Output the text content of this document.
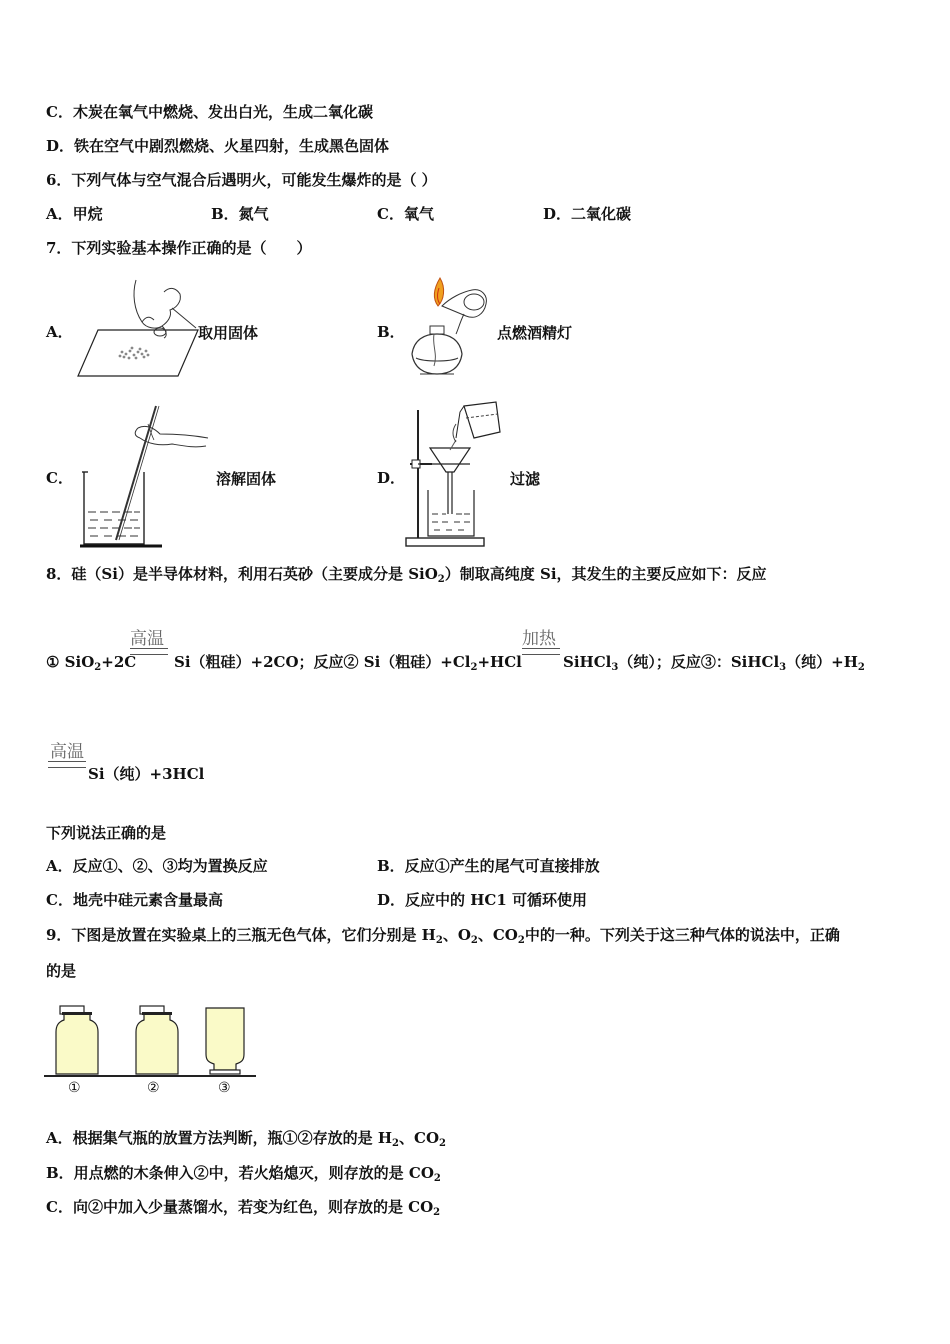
C．木炭在氧气中燃烧、发出白光，生成二氧化碳
D．铁在空气中剧烈燃烧、火星四射，生成黑色固体
6．下列气体与空气混合后遇明火，可能发生爆炸的是（ ）
A．甲烷	B．氮气	C．氧气	D．二氧化碳
7．下列实验基本操作正确的是（　　）
A．	取用固体	B．	点燃酒精灯
C．	溶解固体	D．	过滤
8．硅（Si）是半导体材料，利用石英砂（主要成分是 SiO$_2$）制取高纯度 Si，其发生的主要反应如下：反应
高温	加热
① SiO$_2$+2C	Si（粗硅）+2CO；反应② Si（粗硅）$+Cl_2+HCl$	SiHCl$_3$（纯）；反应③：SiHCl$_3$（纯）$+H_2$
高温
Si（纯）+3HCl
下列说法正确的是
A．反应①、②、③均为置换反应	B．反应①产生的尾气可直接排放
C．地壳中硅元素含量最高	D．反应中的 HC1 可循环使用
9．下图是放置在实验桌上的三瓶无色气体，它们分别是 $H_2$、$O_2$、$CO_2$中的一种。下列关于这三种气体的说法中，正确
的是
①	②	③
A．根据集气瓶的放置方法判断，瓶①②存放的是 $H_2$、$CO_2$
B．用点燃的木条伸入②中，若火焰熄灭，则存放的是 $CO_2$
C．向②中加入少量蒸馏水，若变为红色，则存放的是 $CO_2$
